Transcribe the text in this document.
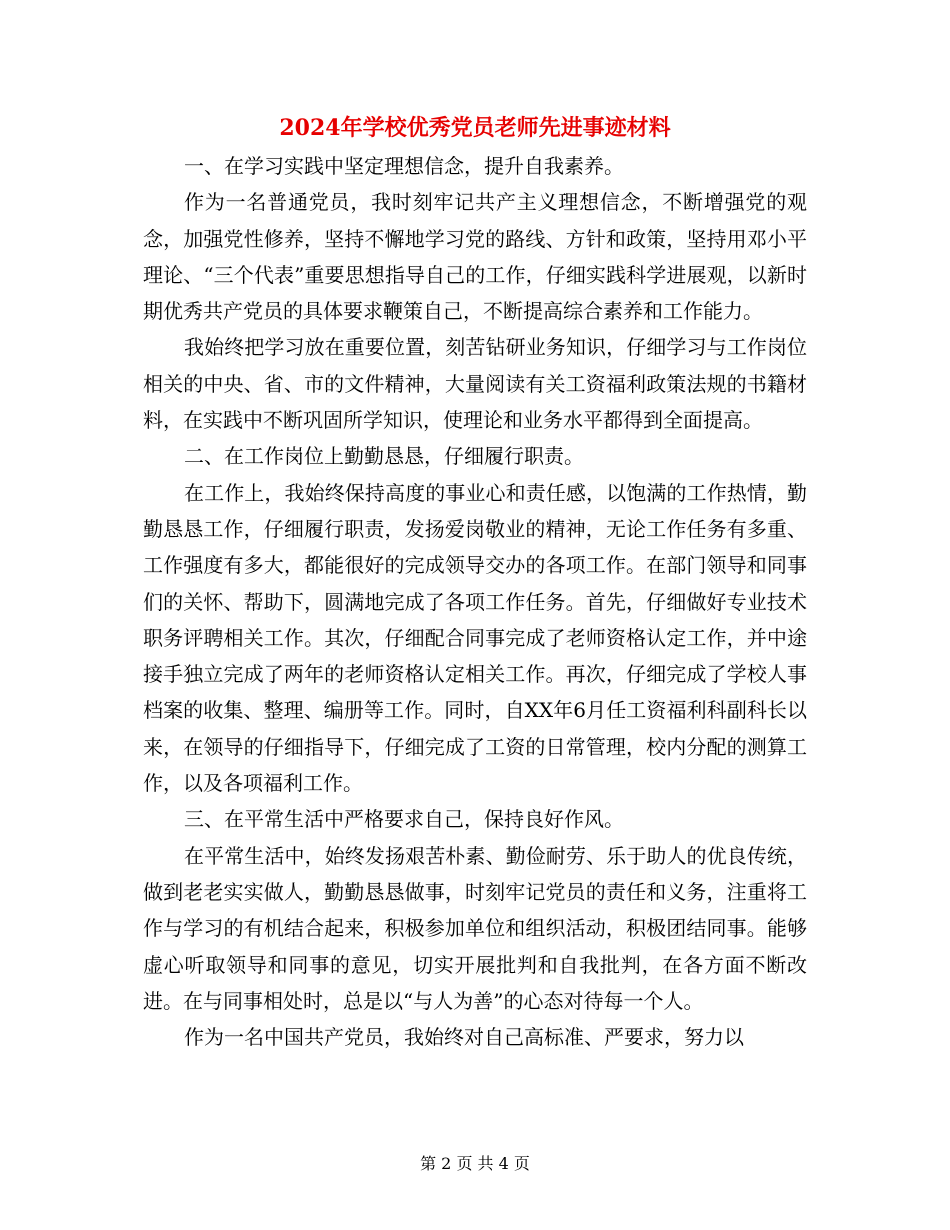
2024年学校优秀党员老师先进事迹材料

一、在学习实践中坚定理想信念，提升自我素养。

作为一名普通党员，我时刻牢记共产主义理想信念，不断增强党的观念，加强党性修养，坚持不懈地学习党的路线、方针和政策，坚持用邓小平理论、“三个代表”重要思想指导自己的工作，仔细实践科学进展观，以新时期优秀共产党员的具体要求鞭策自己，不断提高综合素养和工作能力。

我始终把学习放在重要位置，刻苦钻研业务知识，仔细学习与工作岗位相关的中央、省、市的文件精神，大量阅读有关工资福利政策法规的书籍材料，在实践中不断巩固所学知识，使理论和业务水平都得到全面提高。

二、在工作岗位上勤勤恳恳，仔细履行职责。

在工作上，我始终保持高度的事业心和责任感，以饱满的工作热情，勤勤恳恳工作，仔细履行职责，发扬爱岗敬业的精神，无论工作任务有多重、工作强度有多大，都能很好的完成领导交办的各项工作。在部门领导和同事们的关怀、帮助下，圆满地完成了各项工作任务。首先，仔细做好专业技术职务评聘相关工作。其次，仔细配合同事完成了老师资格认定工作，并中途接手独立完成了两年的老师资格认定相关工作。再次，仔细完成了学校人事档案的收集、整理、编册等工作。同时，自XX年6月任工资福利科副科长以来，在领导的仔细指导下，仔细完成了工资的日常管理，校内分配的测算工作，以及各项福利工作。

三、在平常生活中严格要求自己，保持良好作风。

在平常生活中，始终发扬艰苦朴素、勤俭耐劳、乐于助人的优良传统，做到老老实实做人，勤勤恳恳做事，时刻牢记党员的责任和义务，注重将工作与学习的有机结合起来，积极参加单位和组织活动，积极团结同事。能够虚心听取领导和同事的意见，切实开展批判和自我批判，在各方面不断改进。在与同事相处时，总是以“与人为善”的心态对待每一个人。

作为一名中国共产党员，我始终对自己高标准、严要求，努力以

第 2 页 共 4 页
